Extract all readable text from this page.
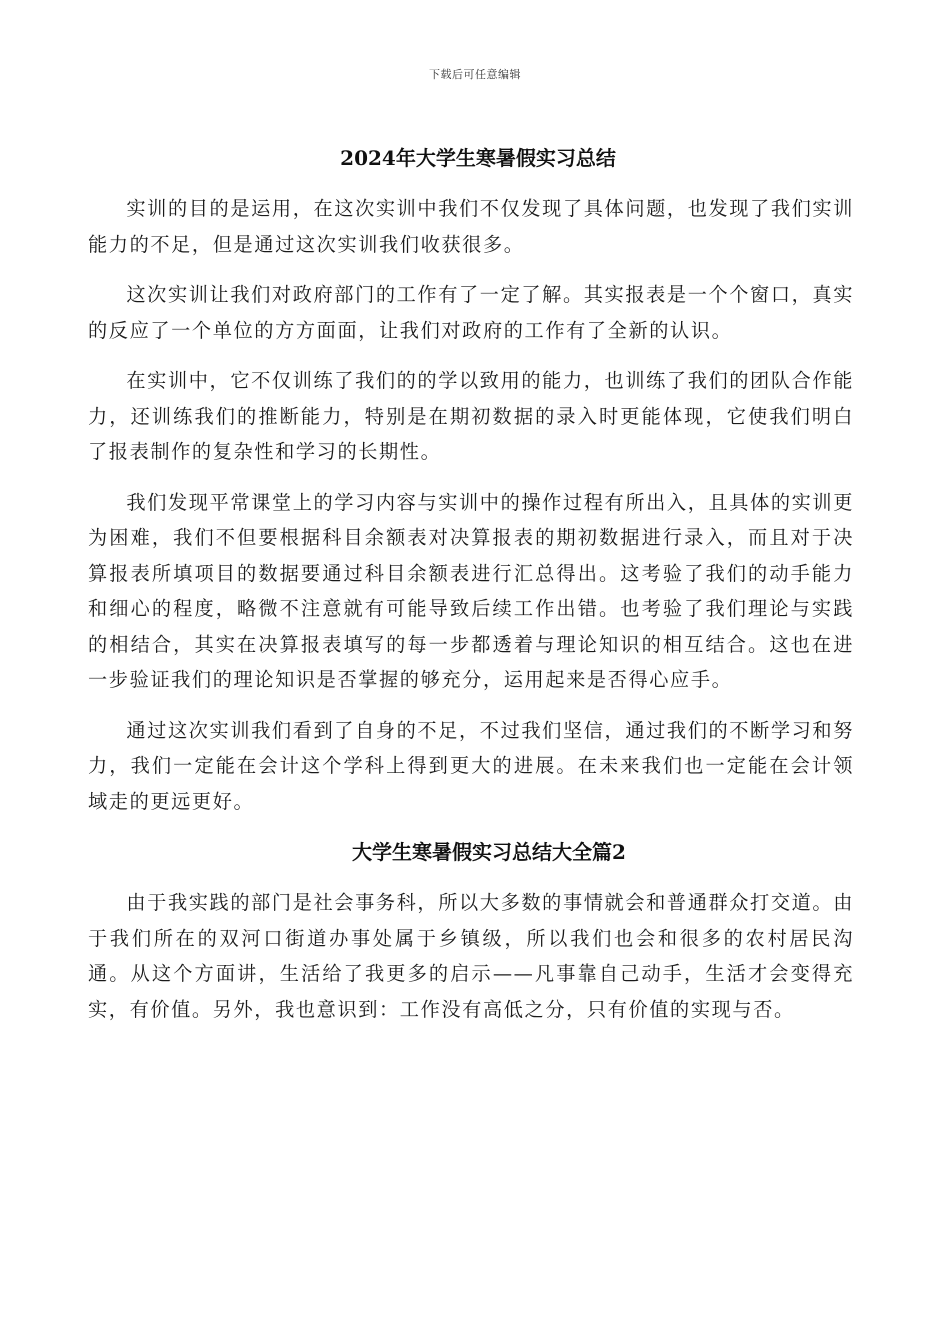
下载后可任意编辑
2024年大学生寒暑假实习总结

实训的目的是运用，在这次实训中我们不仅发现了具体问题，也发现了我们实训能力的不足，但是通过这次实训我们收获很多。

这次实训让我们对政府部门的工作有了一定了解。其实报表是一个个窗口，真实的反应了一个单位的方方面面，让我们对政府的工作有了全新的认识。

在实训中，它不仅训练了我们的的学以致用的能力，也训练了我们的团队合作能力，还训练我们的推断能力，特别是在期初数据的录入时更能体现，它使我们明白了报表制作的复杂性和学习的长期性。

我们发现平常课堂上的学习内容与实训中的操作过程有所出入，且具体的实训更为困难，我们不但要根据科目余额表对决算报表的期初数据进行录入，而且对于决算报表所填项目的数据要通过科目余额表进行汇总得出。这考验了我们的动手能力和细心的程度，略微不注意就有可能导致后续工作出错。也考验了我们理论与实践的相结合，其实在决算报表填写的每一步都透着与理论知识的相互结合。这也在进一步验证我们的理论知识是否掌握的够充分，运用起来是否得心应手。

通过这次实训我们看到了自身的不足，不过我们坚信，通过我们的不断学习和努力，我们一定能在会计这个学科上得到更大的进展。在未来我们也一定能在会计领域走的更远更好。

大学生寒暑假实习总结大全篇2

由于我实践的部门是社会事务科，所以大多数的事情就会和普通群众打交道。由于我们所在的双河口街道办事处属于乡镇级，所以我们也会和很多的农村居民沟通。从这个方面讲，生活给了我更多的启示——凡事靠自己动手，生活才会变得充实，有价值。另外，我也意识到：工作没有高低之分，只有价值的实现与否。
